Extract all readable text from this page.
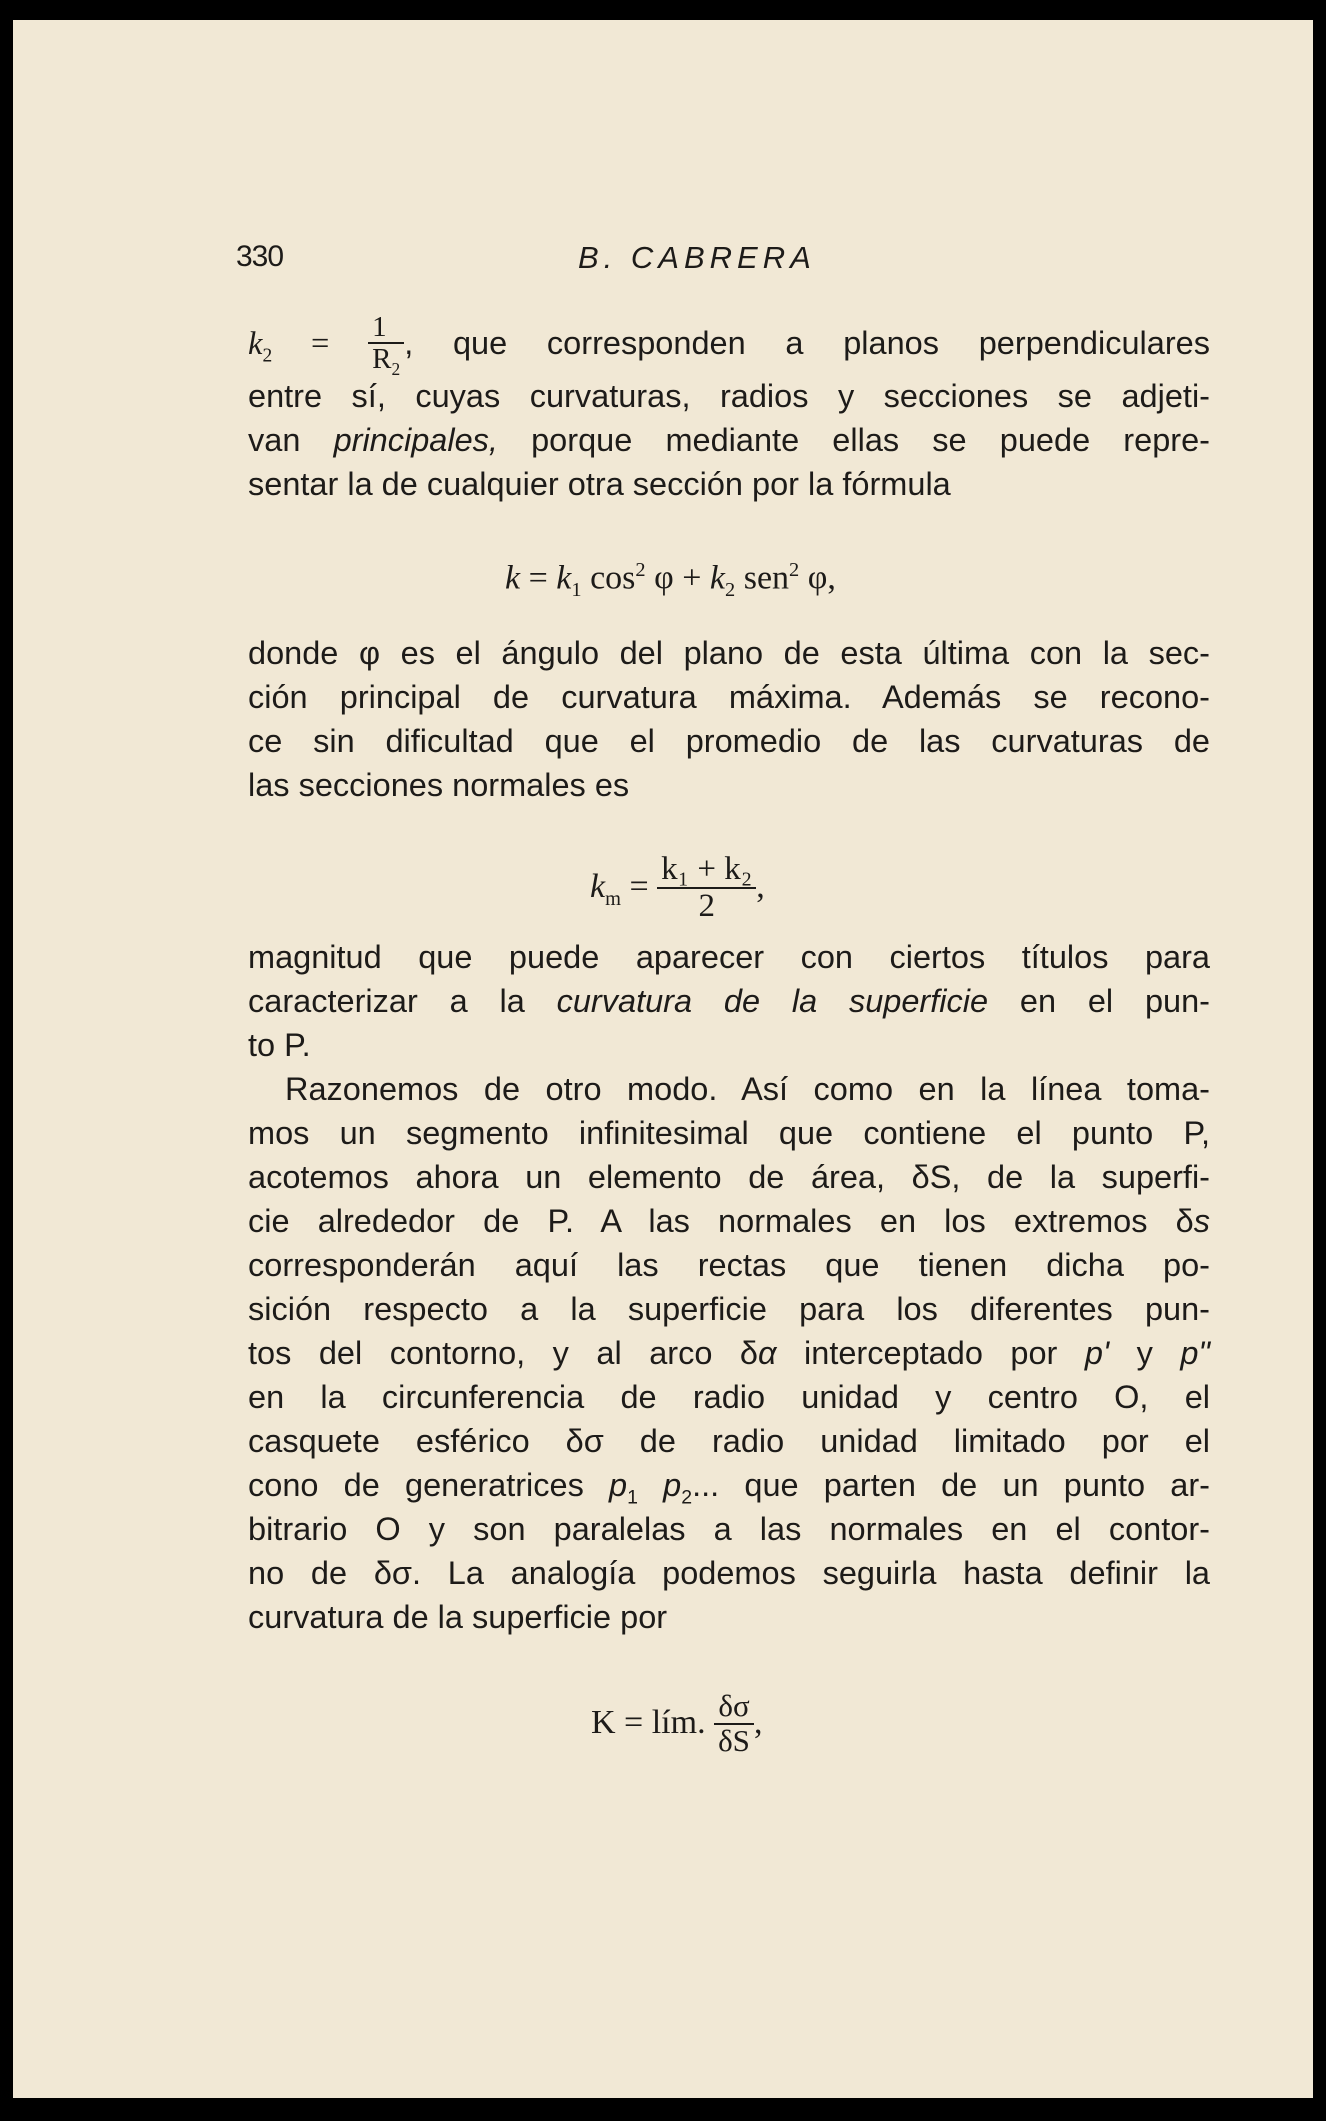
330	B. CABRERA
$k_2 = \frac{1}{R_2}$ , que corresponden a planos perpendiculares
entre sí, cuyas curvaturas, radios y secciones se adjeti-
van principales, porque mediante ellas se puede repre-
sentar la de cualquier otra sección por la fórmula
$k = k_1$ $\cos^2 \varphi + k_2$ sen$^2$ φ,
donde φ es el ángulo del plano de esta última con la sec-
ción principal de curvatura máxima. Además se recono-
ce sin dificultad que el promedio de las curvaturas de
las secciones normales es
$k_m = \frac{\text{k₁ + k₂}}{2}$ ,
magnitud que puede aparecer con ciertos títulos para
caracterizar a la curvatura de la superficie en el pun-
to P.
Razonemos de otro modo. Así como en la línea toma-
mos un segmento infinitesimal que contiene el punto P,
acotemos ahora un elemento de área, δS, de la superfi-
cie alrededor de P. A las normales en los extremos δs
corresponderán aquí las rectas que tienen dicha po-
sición respecto a la superficie para los diferentes pun-
tos del contorno, y al arco δα interceptado por p' y p"
en la circunferencia de radio unidad y centro O, el
casquete esférico δσ de radio unidad limitado por el
cono de generatrices $p_1$ $p_2$... que parten de un punto ar-
bitrario O y son paralelas a las normales en el contor-
no de δσ. La analogía podemos seguirla hasta definir la
curvatura de la superficie por
K = lím. $\frac{\delta\sigma}{\delta S}$ ,
